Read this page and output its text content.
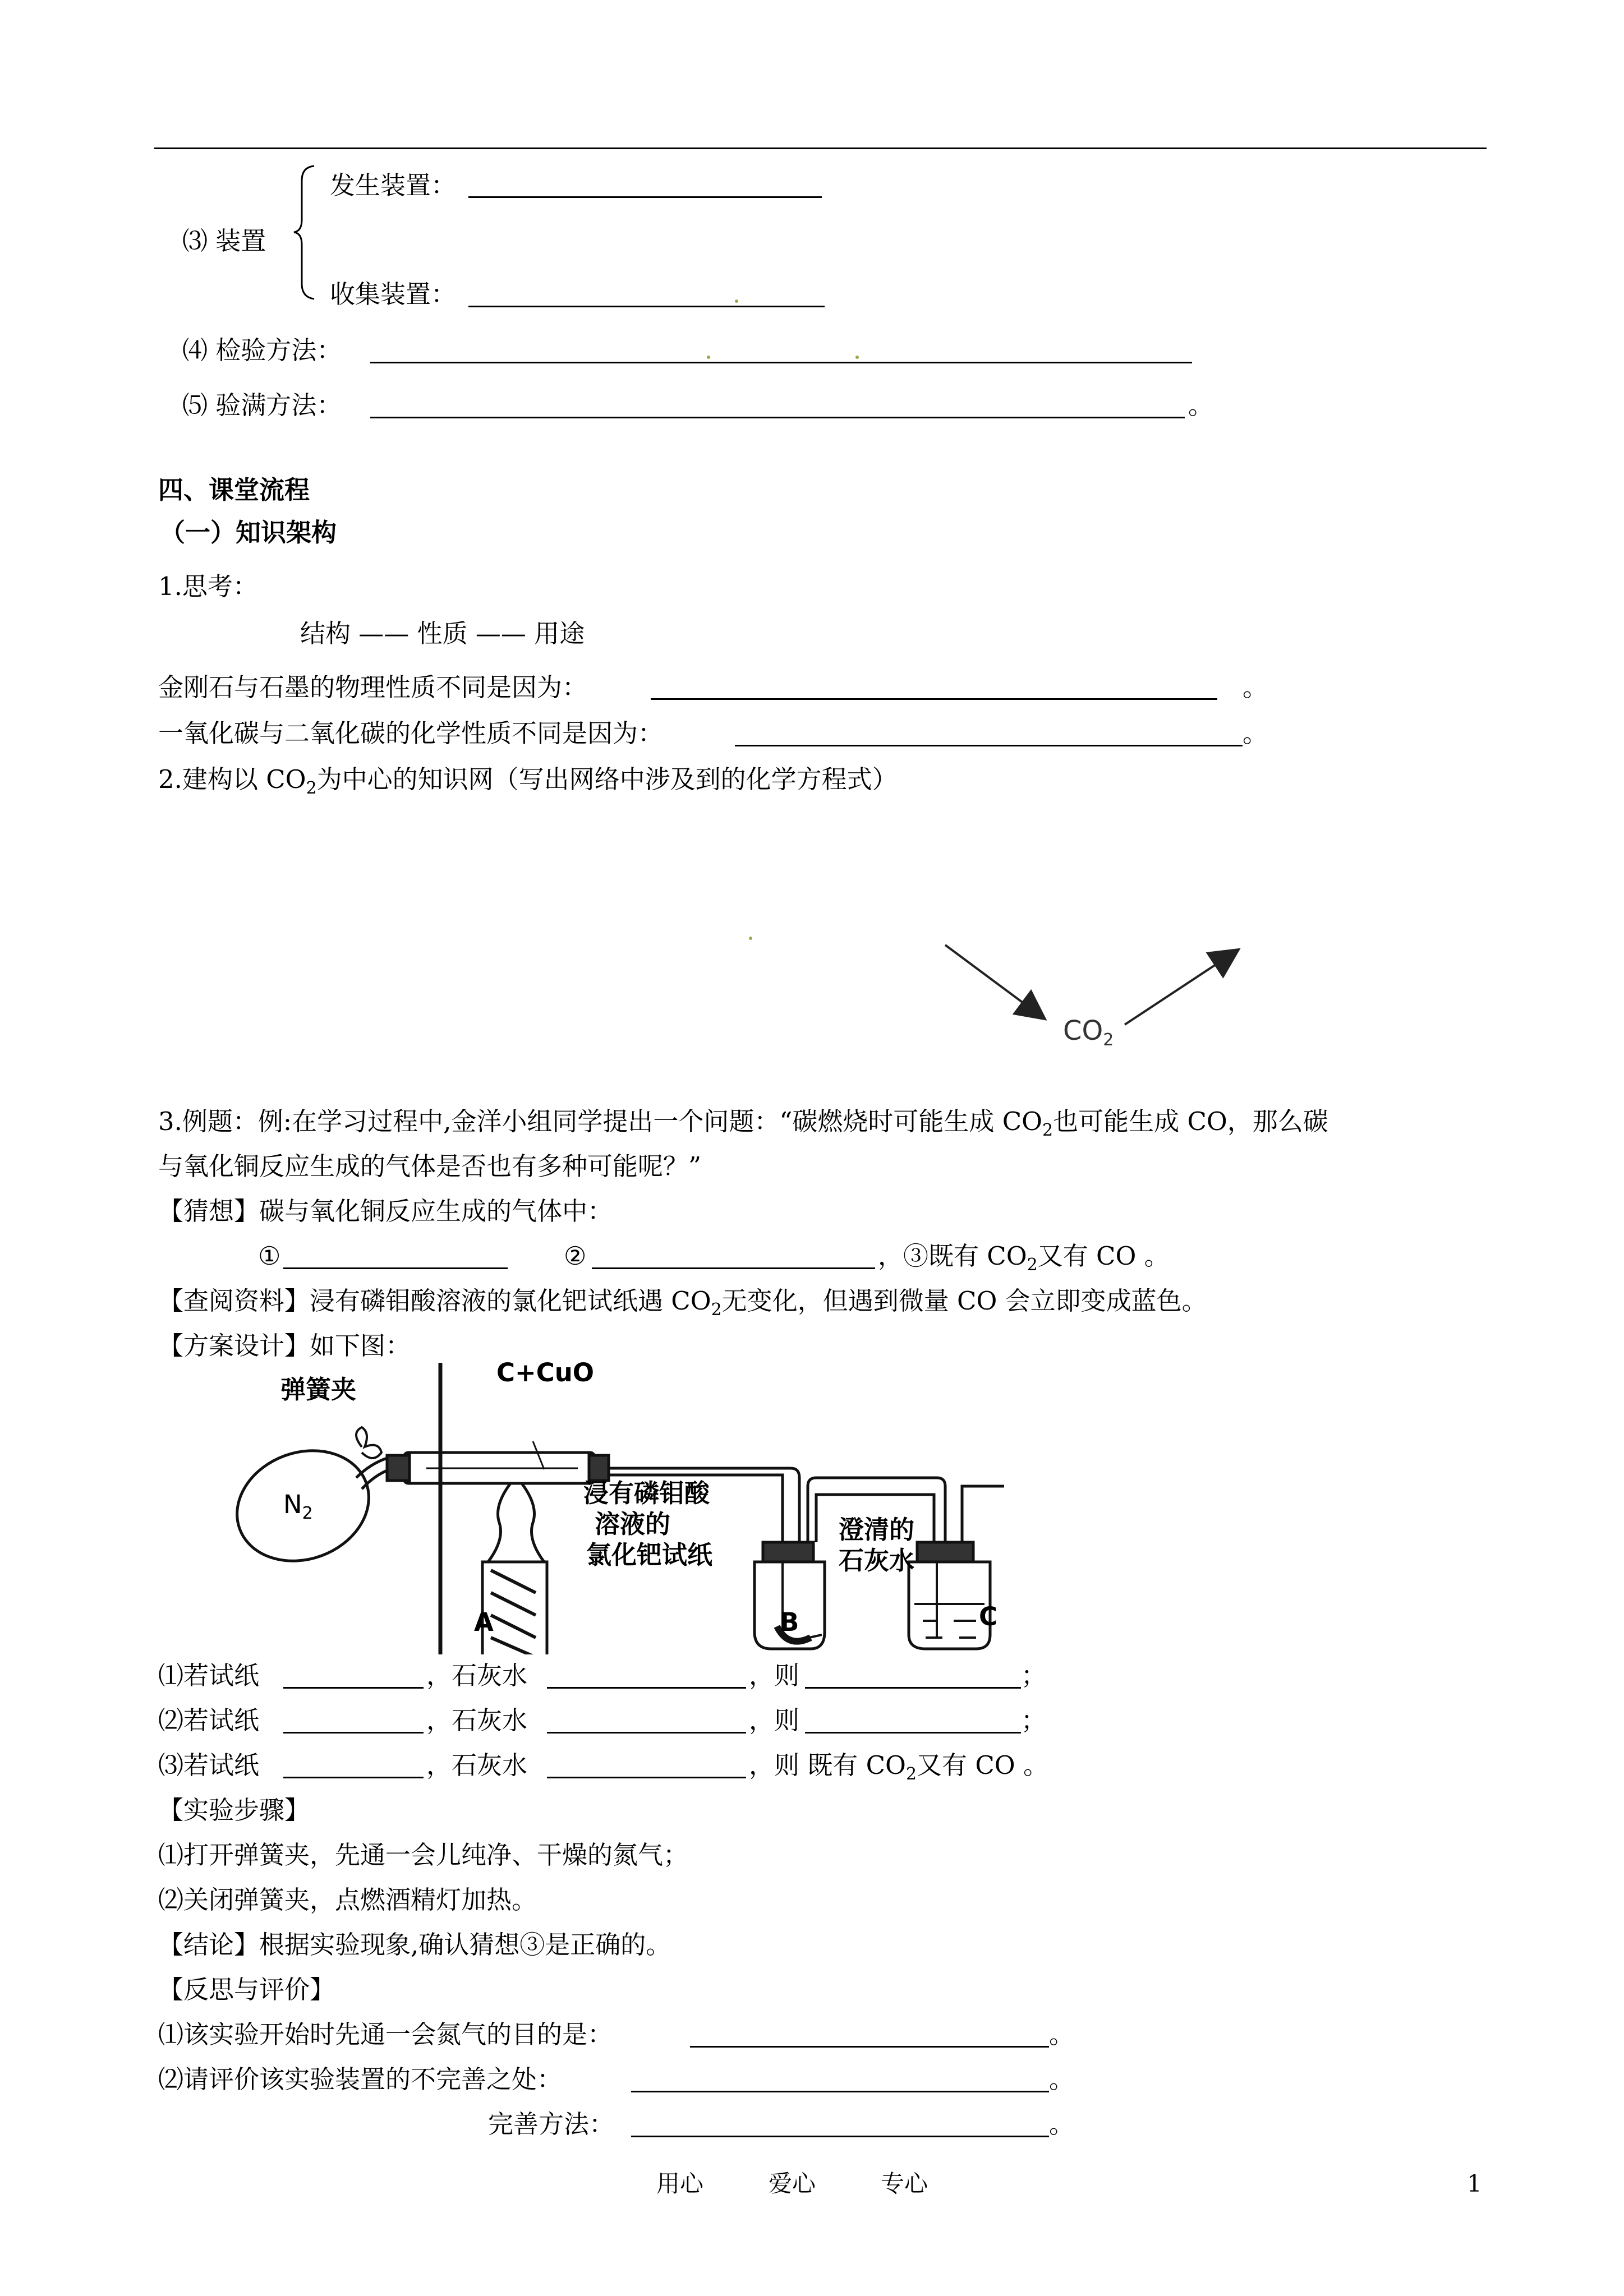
⑶ 装置
发生装置：
收集装置：
⑷ 检验方法：
⑸ 验满方法：	。
四、课堂流程
（一）知识架构
1.思考：
结构 —— 性质 —— 用途
金刚石与石墨的物理性质不同是因为：	。
一氧化碳与二氧化碳的化学性质不同是因为：	。
2.建构以 $CO_2$为中心的知识网（写出网络中涉及到的化学方程式）
$CO_2$
3.例题：例:在学习过程中,金洋小组同学提出一个问题：“碳燃烧时可能生成 $CO_2$也可能生成 CO，那么碳
与氧化铜反应生成的气体是否也有多种可能呢？”
【猜想】碳与氧化铜反应生成的气体中：
①	②	，③既有 $CO_2$又有 CO 。
【查阅资料】浸有磷钼酸溶液的氯化钯试纸遇 $CO_2$无变化，但遇到微量 CO 会立即变成蓝色。
【方案设计】如下图：
弹簧夹
C+CuO
$N_2$
浸有磷钼酸
溶液的
氯化钯试纸
澄清的
石灰水
A	B	C
⑴若试纸	，石灰水	，则	；
⑵若试纸	，石灰水	，则	；
⑶若试纸	，石灰水	，则 既有 $CO_2$又有 CO 。
【实验步骤】
⑴打开弹簧夹，先通一会儿纯净、干燥的氮气；
⑵关闭弹簧夹，点燃酒精灯加热。
【结论】根据实验现象,确认猜想③是正确的。
【反思与评价】
⑴该实验开始时先通一会氮气的目的是：	。
⑵请评价该实验装置的不完善之处：	。
完善方法：	。
用心	爱心	专心	1
